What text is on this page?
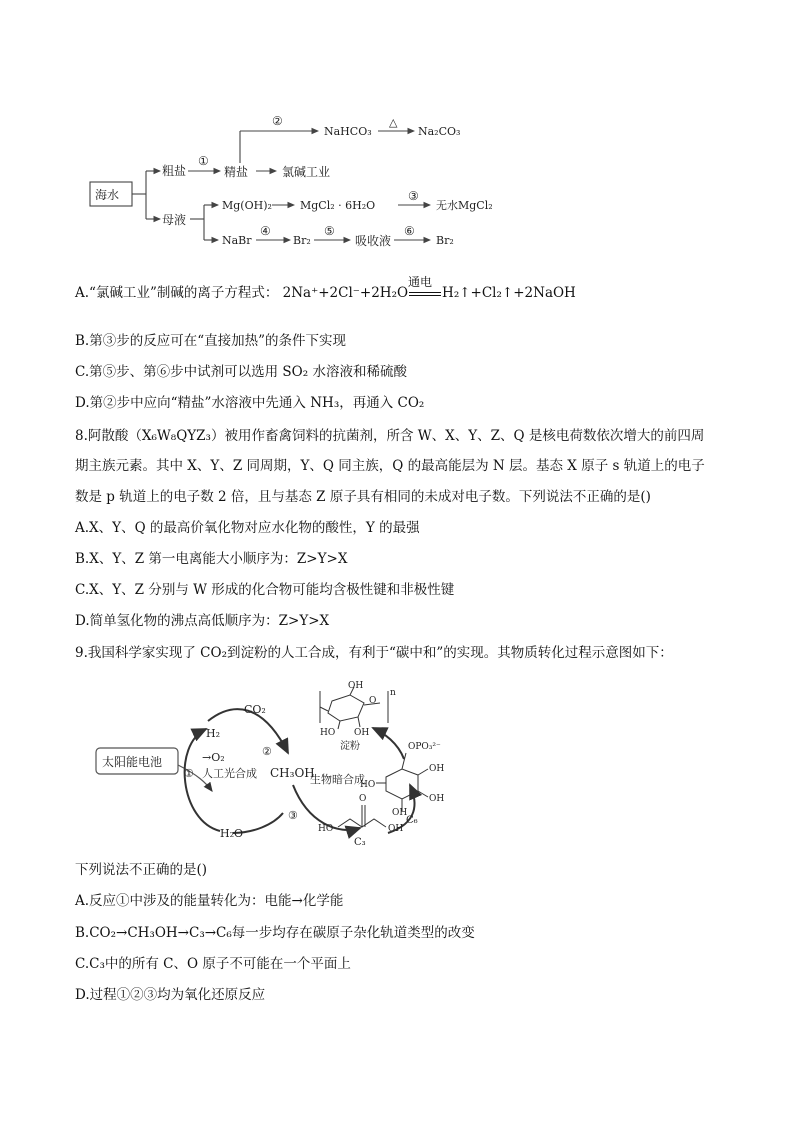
海水
粗盐
母液
①
精盐
②
NaHCO₃
△
Na₂CO₃
氯碱工业
Mg(OH)₂	MgCl₂ · 6H₂O
③
无水MgCl₂
NaBr
④
Br₂
⑤
吸收液
⑥
Br₂
A.“氯碱工业”制碱的离子方程式： 2Na⁺+2Cl⁻+2H₂O
通电
H₂↑+Cl₂↑+2NaOH
B.第③步的反应可在“直接加热”的条件下实现
C.第⑤步、第⑥步中试剂可以选用 SO₂ 水溶液和稀硫酸
D.第②步中应向“精盐”水溶液中先通入 NH₃，再通入 CO₂
8.阿散酸（X₆W₈QYZ₃）被用作畜禽饲料的抗菌剂，所含 W、X、Y、Z、Q 是核电荷数依次增大的前四周
期主族元素。其中 X、Y、Z 同周期，Y、Q 同主族，Q 的最高能层为 N 层。基态 X 原子 s 轨道上的电子
数是 p 轨道上的电子数 2 倍，且与基态 Z 原子具有相同的未成对电子数。下列说法不正确的是()
A.X、Y、Q 的最高价氧化物对应水化物的酸性，Y 的最强
B.X、Y、Z 第一电离能大小顺序为：Z>Y>X
C.X、Y、Z 分别与 W 形成的化合物可能均含极性键和非极性键
D.简单氢化物的沸点高低顺序为：Z>Y>X
9.我国科学家实现了 CO₂到淀粉的人工合成，有利于“碳中和”的实现。其物质转化过程示意图如下：
太阳能电池
H₂
→O₂
① 人工光合成
CO₂
②
CH₃OH
③
H₂O
OH
O
n
HO OH
淀粉
生物暗合成
OPO₃²⁻
OH
OH
HO
OH
C₆
O
HO	OH
C₃
下列说法不正确的是()
A.反应①中涉及的能量转化为：电能→化学能
B.CO₂→CH₃OH→C₃→C₆每一步均存在碳原子杂化轨道类型的改变
C.C₃中的所有 C、O 原子不可能在一个平面上
D.过程①②③均为氧化还原反应
